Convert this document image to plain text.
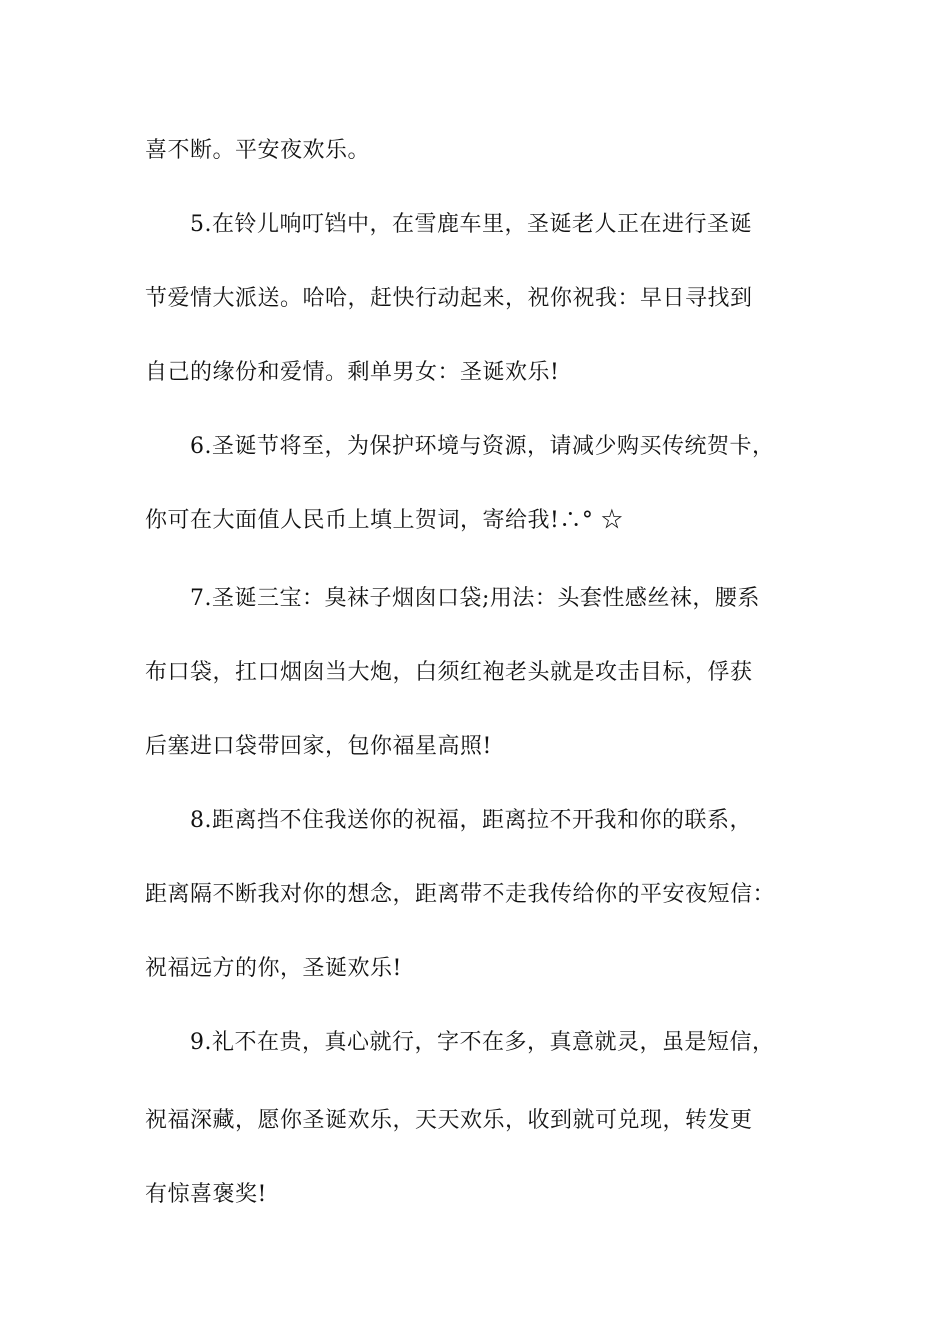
喜不断。平安夜欢乐。
5.在铃儿响叮铛中，在雪鹿车里，圣诞老人正在进行圣诞
节爱情大派送。哈哈，赶快行动起来，祝你祝我：早日寻找到
自己的缘份和爱情。剩单男女：圣诞欢乐!
6.圣诞节将至，为保护环境与资源，请减少购买传统贺卡，
你可在大面值人民币上填上贺词，寄给我!∴° ☆
7.圣诞三宝：臭袜子烟囱口袋;用法：头套性感丝袜，腰系
布口袋，扛口烟囱当大炮，白须红袍老头就是攻击目标，俘获
后塞进口袋带回家，包你福星高照!
8.距离挡不住我送你的祝福，距离拉不开我和你的联系，
距离隔不断我对你的想念，距离带不走我传给你的平安夜短信：
祝福远方的你，圣诞欢乐!
9.礼不在贵，真心就行，字不在多，真意就灵，虽是短信，
祝福深藏，愿你圣诞欢乐，天天欢乐，收到就可兑现，转发更
有惊喜褒奖!
